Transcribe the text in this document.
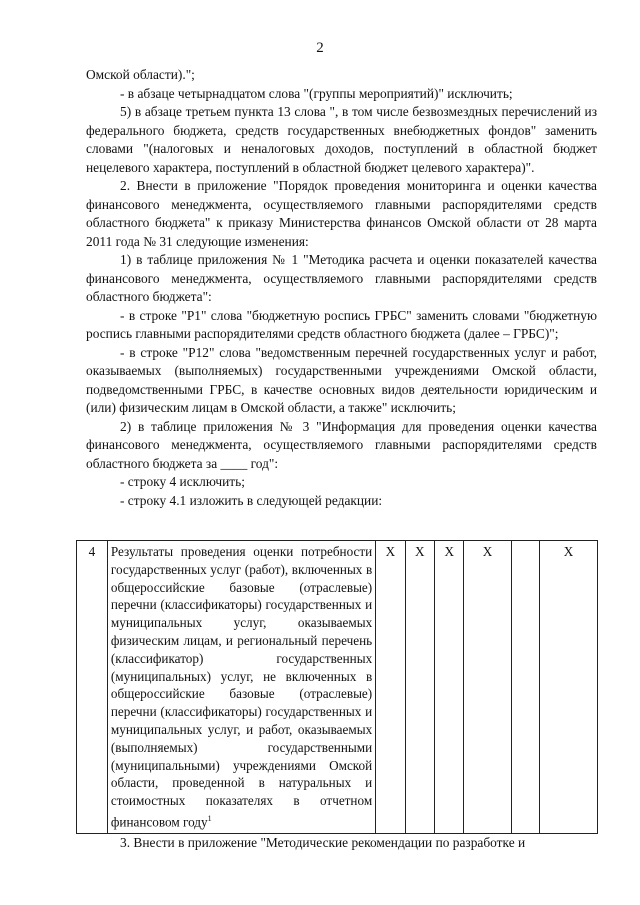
2

Омской области).";

- в абзаце четырнадцатом слова "(группы мероприятий)" исключить;

5) в абзаце третьем пункта 13 слова ", в том числе безвозмездных перечислений из федерального бюджета, средств государственных внебюджетных фондов" заменить словами "(налоговых и неналоговых доходов, поступлений в областной бюджет нецелевого характера, поступлений в областной бюджет целевого характера)".

2. Внести в приложение "Порядок проведения мониторинга и оценки качества финансового менеджмента, осуществляемого главными распорядителями средств областного бюджета" к приказу Министерства финансов Омской области от 28 марта 2011 года № 31 следующие изменения:

1) в таблице приложения № 1 "Методика расчета и оценки показателей качества финансового менеджмента, осуществляемого главными распорядителями средств областного бюджета":

- в строке "Р1" слова "бюджетную роспись ГРБС" заменить словами "бюджетную роспись главными распорядителями средств областного бюджета (далее – ГРБС)";

- в строке "Р12" слова "ведомственным перечней государственных услуг и работ, оказываемых (выполняемых) государственными учреждениями Омской области, подведомственными ГРБС, в качестве основных видов деятельности юридическим и (или) физическим лицам в Омской области, а также" исключить;

2) в таблице приложения № 3 "Информация для проведения оценки качества финансового менеджмента, осуществляемого главными распорядителями средств областного бюджета за ____ год":

- строку 4 исключить;

- строку 4.1 изложить в следующей редакции:

4	Результаты проведения оценки потребности государственных услуг (работ), включенных в общероссийские базовые (отраслевые) перечни (классификаторы) государственных и муниципальных услуг, оказываемых физическим лицам, и региональный перечень (классификатор) государственных (муниципальных) услуг, не включенных в общероссийские базовые (отраслевые) перечни (классификаторы) государственных и муниципальных услуг, и работ, оказываемых (выполняемых) государственными (муниципальными) учреждениями Омской области, проведенной в натуральных и стоимостных показателях в отчетном финансовом году$^1$	X	X	X	X		X
3. Внести в приложение "Методические рекомендации по разработке и
